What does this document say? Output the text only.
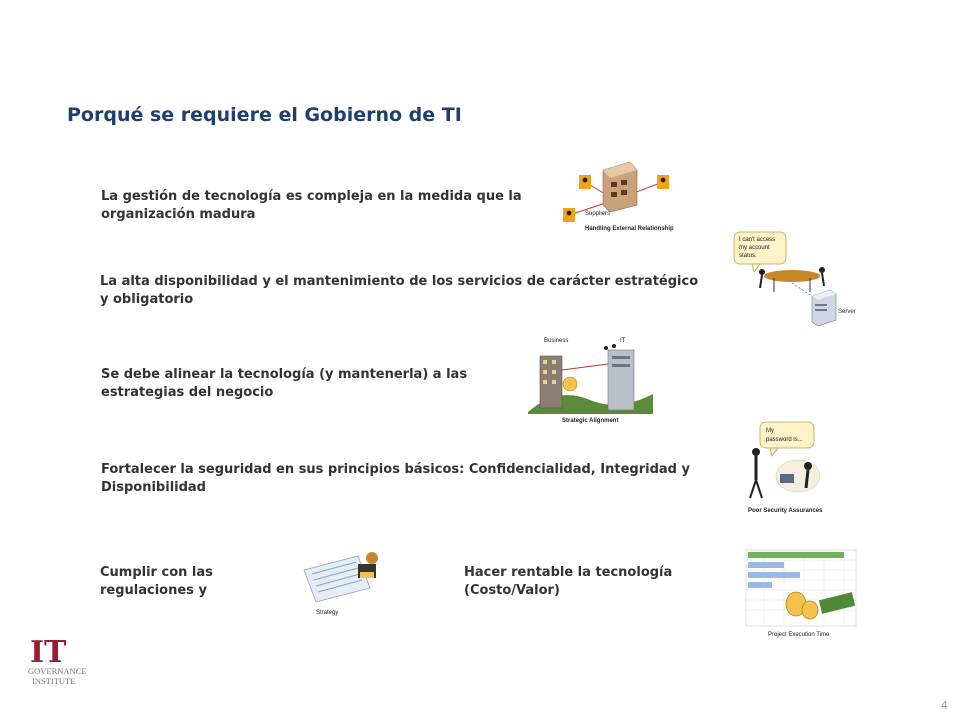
Porqué se requiere el Gobierno de TI
La gestión de tecnología es compleja en la medida que la organización madura	Suppliers
Handling External Relationship
La alta disponibilidad y el mantenimiento de los servicios de carácter estratégico y obligatorio
I can't access
my account
status.
Server
Se debe alinear la tecnología (y mantenerla) a las estrategias del negocio
Business	IT
Strategic Alignment
Fortalecer la seguridad en sus principios básicos: Confidencialidad, Integridad y Disponibilidad
My
password is...
Poor Security Assurances
Cumplir con las regulaciones y
Strategy
Hacer rentable la tecnología (Costo/Valor)
Project Execution Time
IT
GOVERNANCE
INSTITUTE
4
